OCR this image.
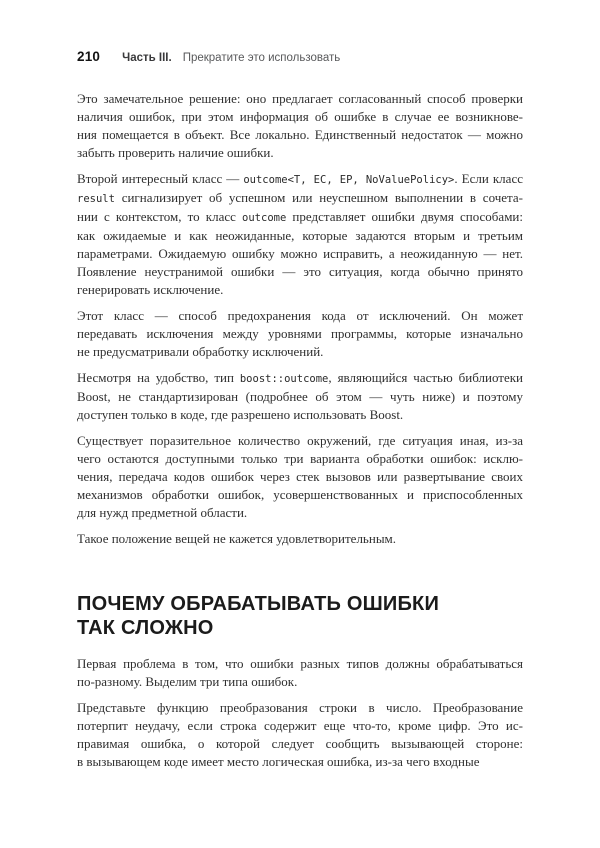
210 Часть III. Прекратите это использовать
Это замечательное решение: оно предлагает согласованный способ проверки
наличия ошибок, при этом информация об ошибке в случае ее возникнове-
ния помещается в объект. Все локально. Единственный недостаток — можно
забыть проверить наличие ошибки.
Второй интересный класс — outcome<T, EC, EP, NoValuePolicy>. Если класс
result сигнализирует об успешном или неуспешном выполнении в сочета-
нии с контекстом, то класс outcome представляет ошибки двумя способами:
как ожидаемые и как неожиданные, которые задаются вторым и третьим
параметрами. Ожидаемую ошибку можно исправить, а неожиданную — нет.
Появление неустранимой ошибки — это ситуация, когда обычно принято
генерировать исключение.
Этот класс — способ предохранения кода от исключений. Он может
передавать исключения между уровнями программы, которые изначально
не предусматривали обработку исключений.
Несмотря на удобство, тип boost::outcome, являющийся частью библиотеки
Boost, не стандартизирован (подробнее об этом — чуть ниже) и поэтому
доступен только в коде, где разрешено использовать Boost.
Существует поразительное количество окружений, где ситуация иная, из-за
чего остаются доступными только три варианта обработки ошибок: исклю-
чения, передача кодов ошибок через стек вызовов или развертывание своих
механизмов обработки ошибок, усовершенствованных и приспособленных
для нужд предметной области.
Такое положение вещей не кажется удовлетворительным.
ПОЧЕМУ ОБРАБАТЫВАТЬ ОШИБКИ
ТАК СЛОЖНО
Первая проблема в том, что ошибки разных типов должны обрабатываться
по-разному. Выделим три типа ошибок.
Представьте функцию преобразования строки в число. Преобразование
потерпит неудачу, если строка содержит еще что-то, кроме цифр. Это ис-
правимая ошибка, о которой следует сообщить вызывающей стороне:
в вызывающем коде имеет место логическая ошибка, из-за чего входные
